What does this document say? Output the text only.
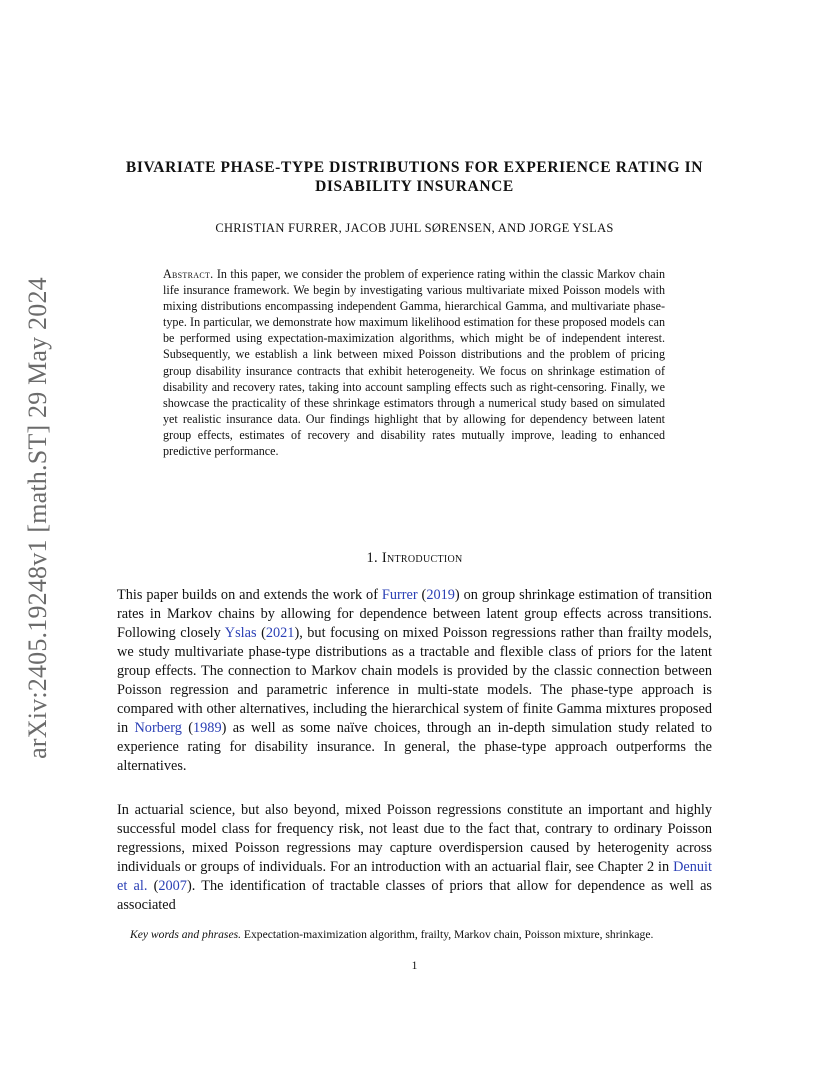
arXiv:2405.19248v1 [math.ST] 29 May 2024
BIVARIATE PHASE-TYPE DISTRIBUTIONS FOR EXPERIENCE RATING IN DISABILITY INSURANCE
CHRISTIAN FURRER, JACOB JUHL SØRENSEN, AND JORGE YSLAS
Abstract. In this paper, we consider the problem of experience rating within the classic Markov chain life insurance framework. We begin by investigating various multivariate mixed Poisson models with mixing distributions encompassing independent Gamma, hierarchical Gamma, and multivariate phase-type. In particular, we demonstrate how maximum likelihood estimation for these proposed models can be performed using expectation-maximization algorithms, which might be of independent interest. Subsequently, we establish a link between mixed Poisson distributions and the problem of pricing group disability insurance contracts that exhibit heterogeneity. We focus on shrinkage estimation of disability and recovery rates, taking into account sampling effects such as right-censoring. Finally, we showcase the practicality of these shrinkage estimators through a numerical study based on simulated yet realistic insurance data. Our findings highlight that by allowing for dependency between latent group effects, estimates of recovery and disability rates mutually improve, leading to enhanced predictive performance.
1. Introduction

This paper builds on and extends the work of Furrer (2019) on group shrinkage estimation of transition rates in Markov chains by allowing for dependence between latent group effects across transitions. Following closely Yslas (2021), but focusing on mixed Poisson regressions rather than frailty models, we study multivariate phase-type distributions as a tractable and flexible class of priors for the latent group effects. The connection to Markov chain models is provided by the classic connection between Poisson regression and parametric inference in multi-state models. The phase-type approach is compared with other alternatives, including the hierarchical system of finite Gamma mixtures proposed in Norberg (1989) as well as some naïve choices, through an in-depth simulation study related to experience rating for disability insurance. In general, the phase-type approach outperforms the alternatives.

In actuarial science, but also beyond, mixed Poisson regressions constitute an important and highly successful model class for frequency risk, not least due to the fact that, contrary to ordinary Poisson regressions, mixed Poisson regressions may capture overdispersion caused by heterogenity across individuals or groups of individuals. For an introduction with an actuarial flair, see Chapter 2 in Denuit et al. (2007). The identification of tractable classes of priors that allow for dependence as well as associated

Key words and phrases. Expectation-maximization algorithm, frailty, Markov chain, Poisson mixture, shrinkage.
1
